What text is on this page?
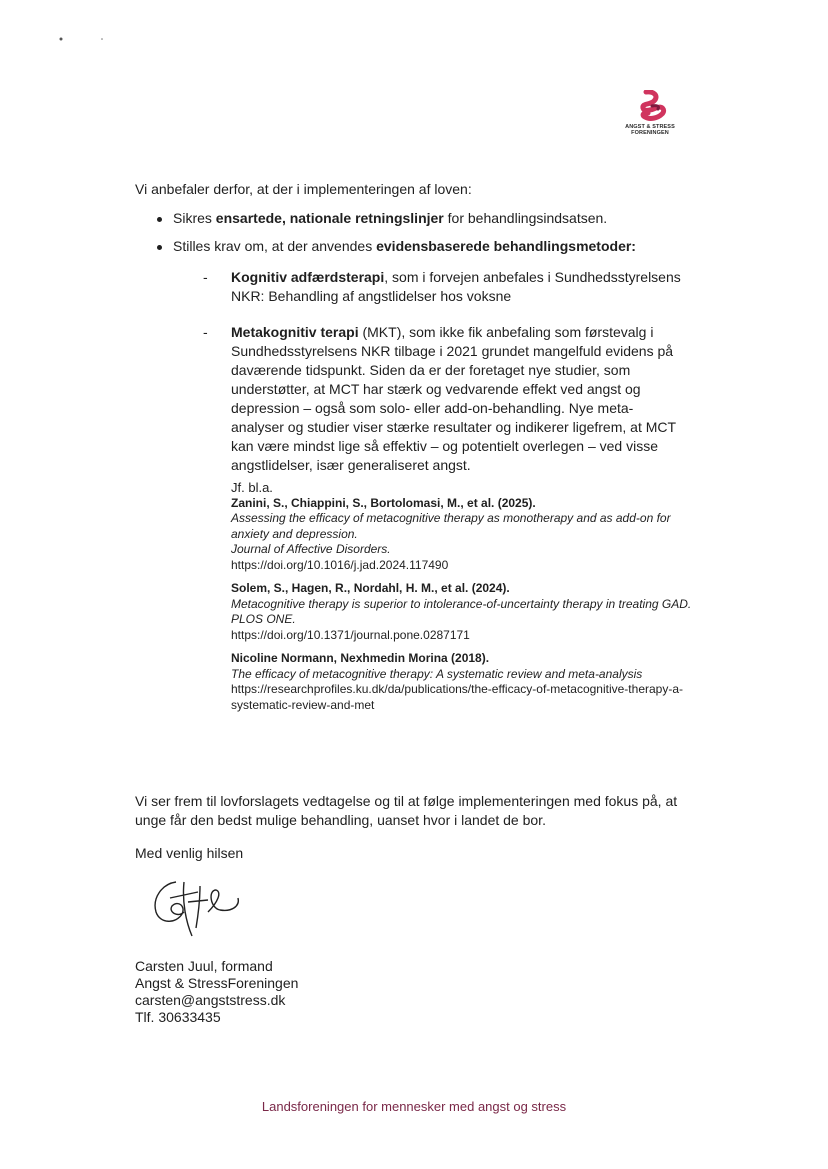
ANGST & STRESS
FORENINGEN

Vi anbefaler derfor, at der i implementeringen af loven:

Sikres ensartede, nationale retningslinjer for behandlingsindsatsen.
Stilles krav om, at der anvendes evidensbaserede behandlingsmetoder:
- Kognitiv adfærdsterapi, som i forvejen anbefales i Sundhedsstyrelsens NKR: Behandling af angstlidelser hos voksne
- Metakognitiv terapi (MKT), som ikke fik anbefaling som førstevalg i Sundhedsstyrelsens NKR tilbage i 2021 grundet mangelfuld evidens på daværende tidspunkt. Siden da er der foretaget nye studier, som understøtter, at MCT har stærk og vedvarende effekt ved angst og depression – også som solo- eller add-on-behandling. Nye meta-analyser og studier viser stærke resultater og indikerer ligefrem, at MCT kan være mindst lige så effektiv – og potentielt overlegen – ved visse angstlidelser, især generaliseret angst.
Jf. bl.a.
Zanini, S., Chiappini, S., Bortolomasi, M., et al. (2025).
Assessing the efficacy of metacognitive therapy as monotherapy and as add-on for anxiety and depression.
Journal of Affective Disorders.
https://doi.org/10.1016/j.jad.2024.117490
Solem, S., Hagen, R., Nordahl, H. M., et al. (2024).
Metacognitive therapy is superior to intolerance-of-uncertainty therapy in treating GAD.
PLOS ONE.
https://doi.org/10.1371/journal.pone.0287171
Nicoline Normann, Nexhmedin Morina (2018).
The efficacy of metacognitive therapy: A systematic review and meta-analysis
https://researchprofiles.ku.dk/da/publications/the-efficacy-of-metacognitive-therapy-a-systematic-review-and-met

Vi ser frem til lovforslagets vedtagelse og til at følge implementeringen med fokus på, at unge får den bedst mulige behandling, uanset hvor i landet de bor.

Med venlig hilsen

Carsten Juul, formand
Angst & StressForeningen
carsten@angststress.dk
Tlf. 30633435
Landsforeningen for mennesker med angst og stress
